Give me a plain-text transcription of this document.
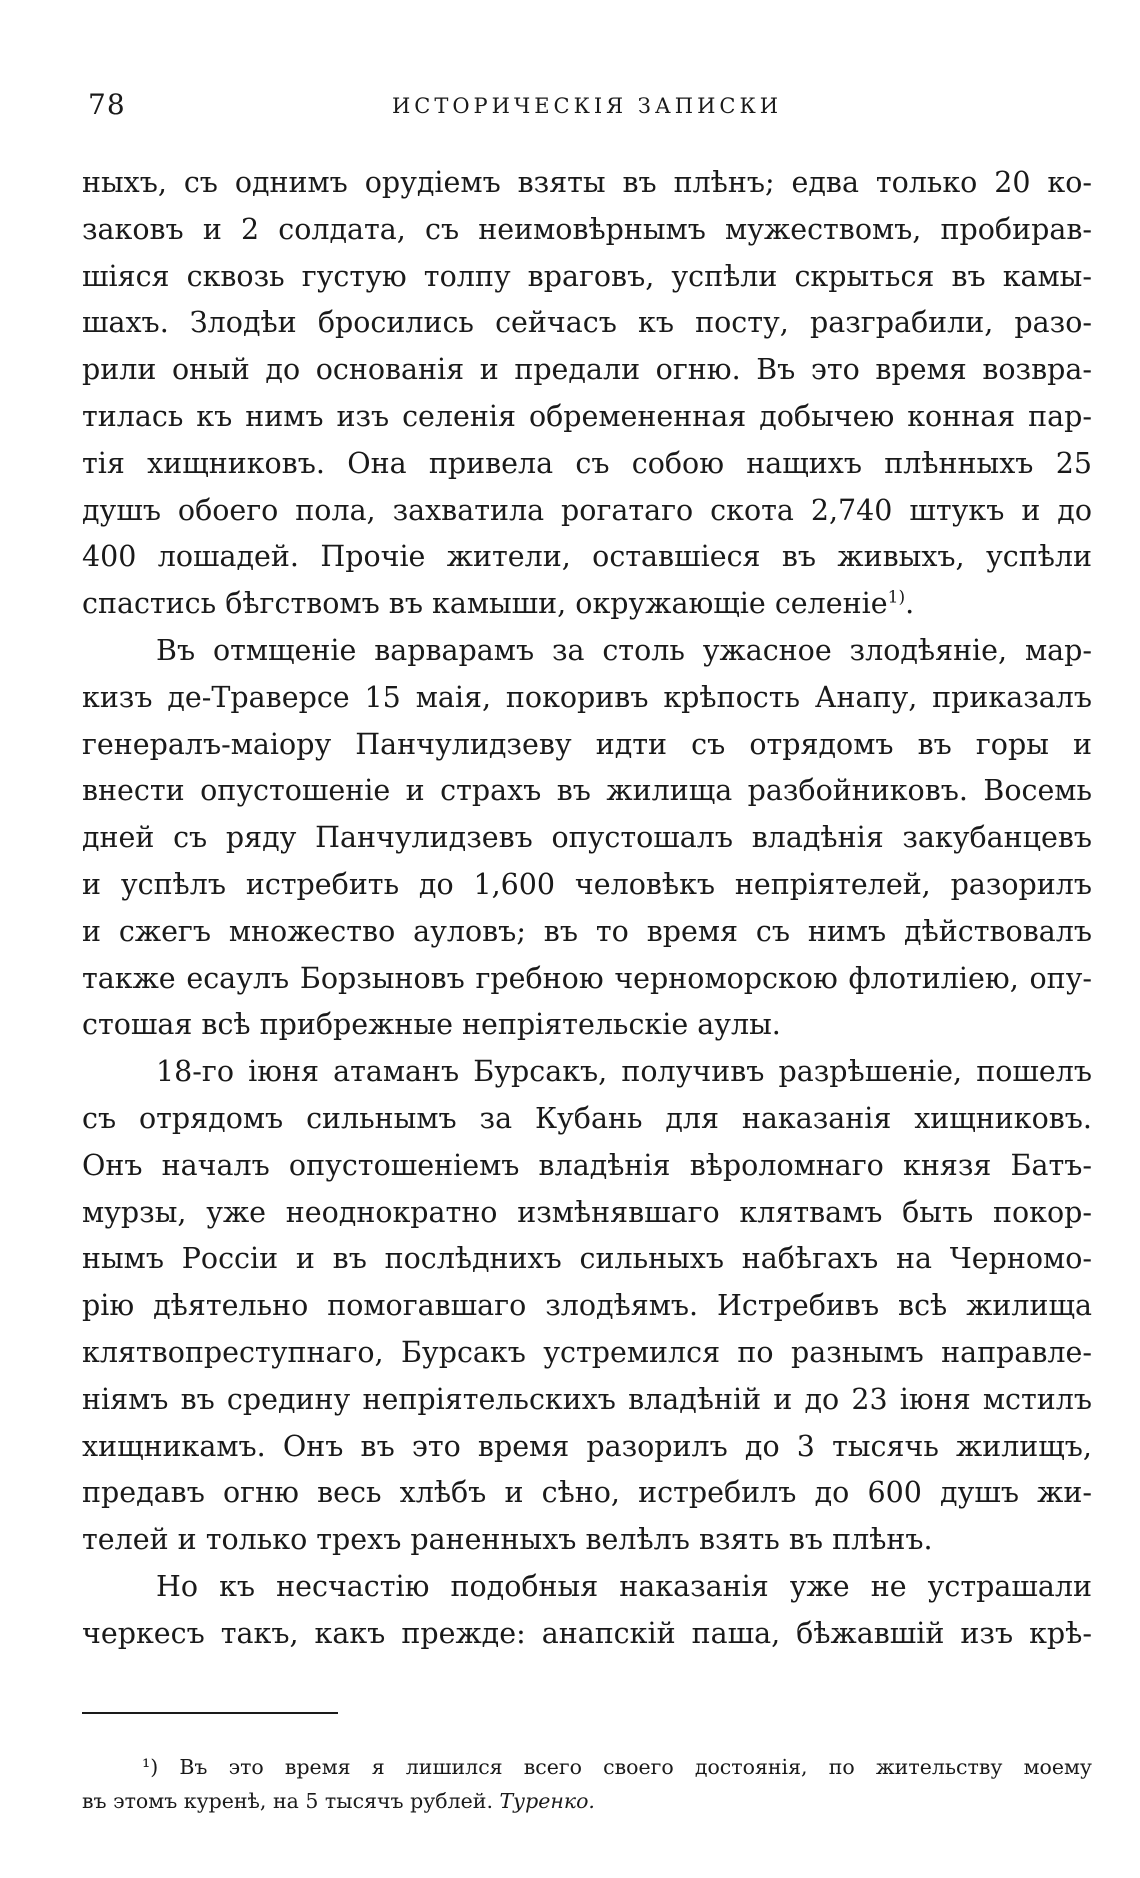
78	ИСТОРИЧЕСКІЯ ЗАПИСКИ
ныхъ, съ однимъ орудіемъ взяты въ плѣнъ; едва только 20 ко-
заковъ и 2 солдата, съ неимовѣрнымъ мужествомъ, пробирав-
шіяся сквозь густую толпу враговъ, успѣли скрыться въ камы-
шахъ. Злодѣи бросились сейчасъ къ посту, разграбили, разо-
рили оный до основанія и предали огню. Въ это время возвра-
тилась къ нимъ изъ селенія обремененная добычею конная пар-
тія хищниковъ. Она привела съ собою нащихъ плѣнныхъ 25
душъ обоего пола, захватила рогатаго скота 2,740 штукъ и до
400 лошадей. Прочіе жители, оставшіеся въ живыхъ, успѣли
спастись бѣгствомъ въ камыши, окружающіе селеніе$^{1)}$.
Въ отмщеніе варварамъ за столь ужасное злодѣяніе, мар-
кизъ де-Траверсе 15 маія, покоривъ крѣпость Анапу, приказалъ
генералъ-маіору Панчулидзеву идти съ отрядомъ въ горы и
внести опустошеніе и страхъ въ жилища разбойниковъ. Восемь
дней съ ряду Панчулидзевъ опустошалъ владѣнія закубанцевъ
и успѣлъ истребить до 1,600 человѣкъ непріятелей, разорилъ
и сжегъ множество ауловъ; въ то время съ нимъ дѣйствовалъ
также есаулъ Борзыновъ гребною черноморскою флотиліею, опу-
стошая всѣ прибрежные непріятельскіе аулы.
18-го іюня атаманъ Бурсакъ, получивъ разрѣшеніе, пошелъ
съ отрядомъ сильнымъ за Кубань для наказанія хищниковъ.
Онъ началъ опустошеніемъ владѣнія вѣроломнаго князя Батъ-
мурзы, уже неоднократно измѣнявшаго клятвамъ быть покор-
нымъ Россіи и въ послѣднихъ сильныхъ набѣгахъ на Черномо-
рію дѣятельно помогавшаго злодѣямъ. Истребивъ всѣ жилища
клятвопреступнаго, Бурсакъ устремился по разнымъ направле-
ніямъ въ средину непріятельскихъ владѣній и до 23 іюня мстилъ
хищникамъ. Онъ въ это время разорилъ до 3 тысячь жилищъ,
предавъ огню весь хлѣбъ и сѣно, истребилъ до 600 душъ жи-
телей и только трехъ раненныхъ велѣлъ взять въ плѣнъ.
Но къ несчастію подобныя наказанія уже не устрашали
черкесъ такъ, какъ прежде: анапскій паша, бѣжавшій изъ крѣ-
¹) Въ это время я лишился всего своего достоянія, по жительству моему
въ этомъ куренѣ, на 5 тысячъ рублей. Туренко.
